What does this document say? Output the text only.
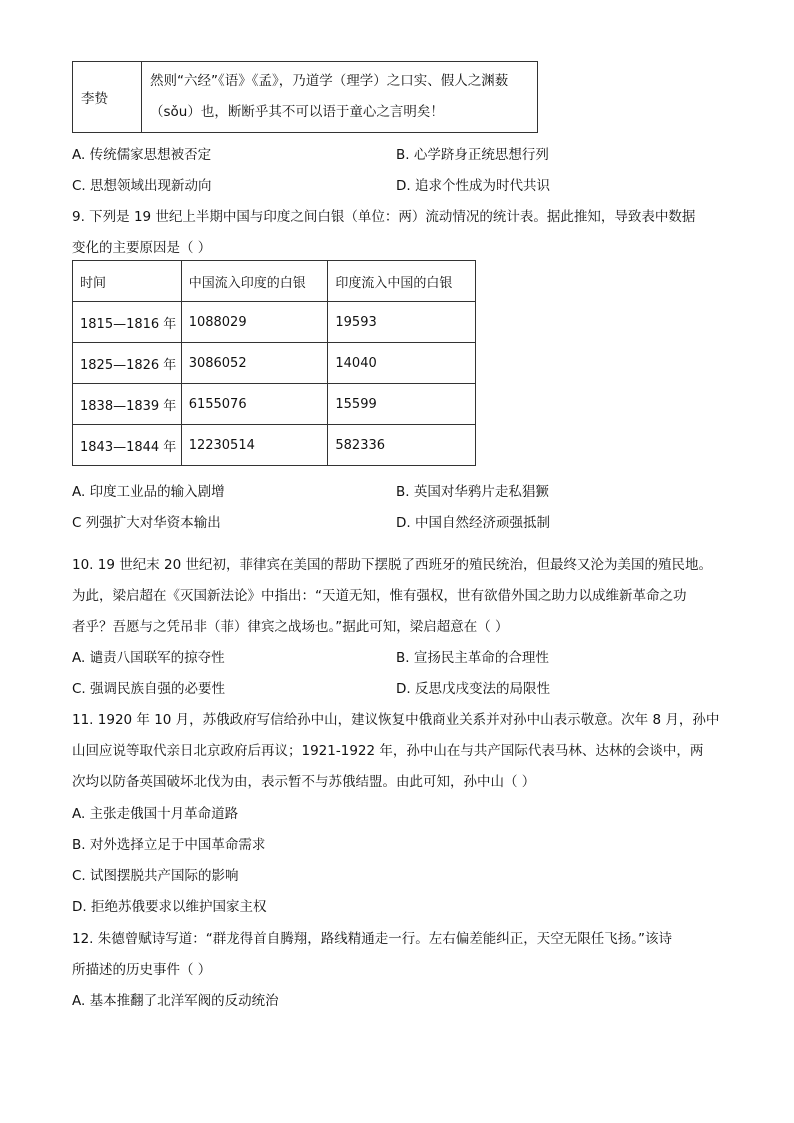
李贽	
然则“六经”《语》《孟》，乃道学（理学）之口实、假人之渊薮
（sǒu）也，断断乎其不可以语于童心之言明矣！
A. 传统儒家思想被否定	B. 心学跻身正统思想行列
C. 思想领域出现新动向	D. 追求个性成为时代共识
9. 下列是 19 世纪上半期中国与印度之间白银（单位：两）流动情况的统计表。据此推知，导致表中数据
变化的主要原因是（ ）
时间	中国流入印度的白银	印度流入中国的白银
1815—1816 年	1088029	19593
1825—1826 年	3086052	14040
1838—1839 年	6155076	15599
1843—1844 年	12230514	582336
A. 印度工业品的输入剧增	B. 英国对华鸦片走私猖獗
C 列强扩大对华资本输出	D. 中国自然经济顽强抵制
10. 19 世纪末 20 世纪初，菲律宾在美国的帮助下摆脱了西班牙的殖民统治，但最终又沦为美国的殖民地。
为此，梁启超在《灭国新法论》中指出：“天道无知，惟有强权，世有欲借外国之助力以成维新革命之功
者乎？吾愿与之凭吊非（菲）律宾之战场也。”据此可知，梁启超意在（ ）
A. 谴责八国联军的掠夺性	B. 宣扬民主革命的合理性
C. 强调民族自强的必要性	D. 反思戊戌变法的局限性
11. 1920 年 10 月，苏俄政府写信给孙中山，建议恢复中俄商业关系并对孙中山表示敬意。次年 8 月，孙中
山回应说等取代亲日北京政府后再议；1921-1922 年，孙中山在与共产国际代表马林、达林的会谈中，两
次均以防备英国破坏北伐为由，表示暂不与苏俄结盟。由此可知，孙中山（ ）
A. 主张走俄国十月革命道路
B. 对外选择立足于中国革命需求
C. 试图摆脱共产国际的影响
D. 拒绝苏俄要求以维护国家主权
12. 朱德曾赋诗写道：“群龙得首自腾翔，路线精通走一行。左右偏差能纠正，天空无限任飞扬。”该诗
所描述的历史事件（ ）
A. 基本推翻了北洋军阀的反动统治
